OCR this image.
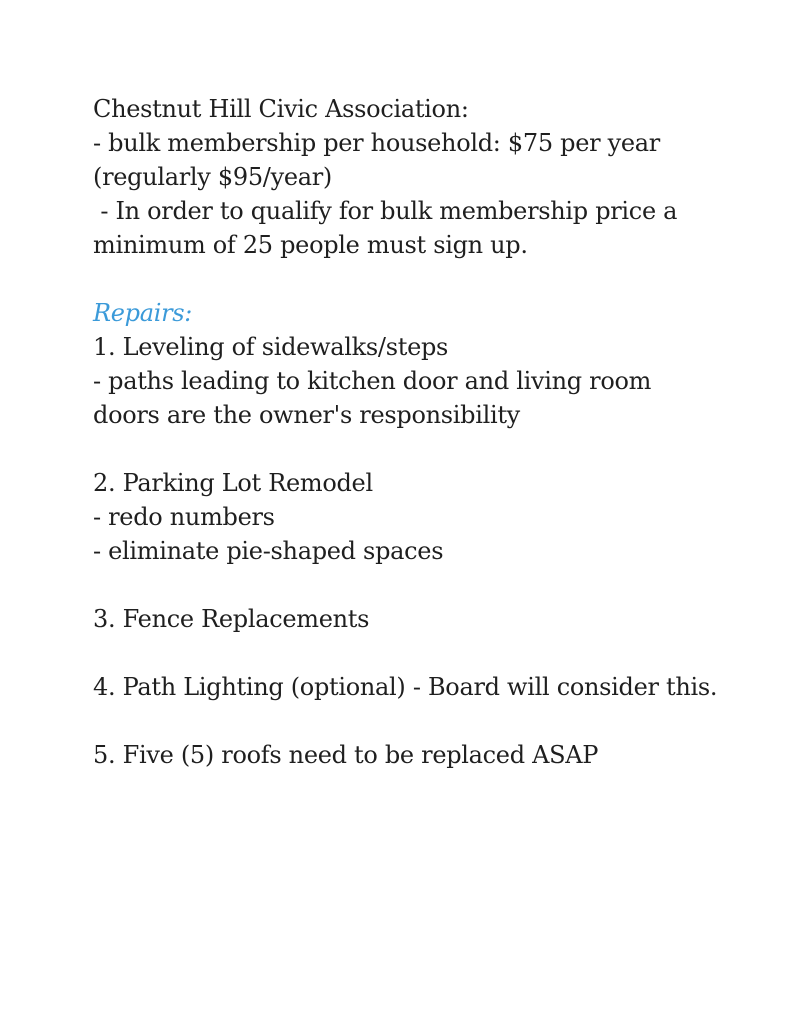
Chestnut Hill Civic Association:
- bulk membership per household: $75 per year
(regularly $95/year)
- In order to qualify for bulk membership price a
minimum of 25 people must sign up.
Repairs:
1. Leveling of sidewalks/steps
- paths leading to kitchen door and living room
doors are the owner's responsibility
2. Parking Lot Remodel
- redo numbers
- eliminate pie-shaped spaces
3. Fence Replacements
4. Path Lighting (optional) - Board will consider this.
5. Five (5) roofs need to be replaced ASAP
